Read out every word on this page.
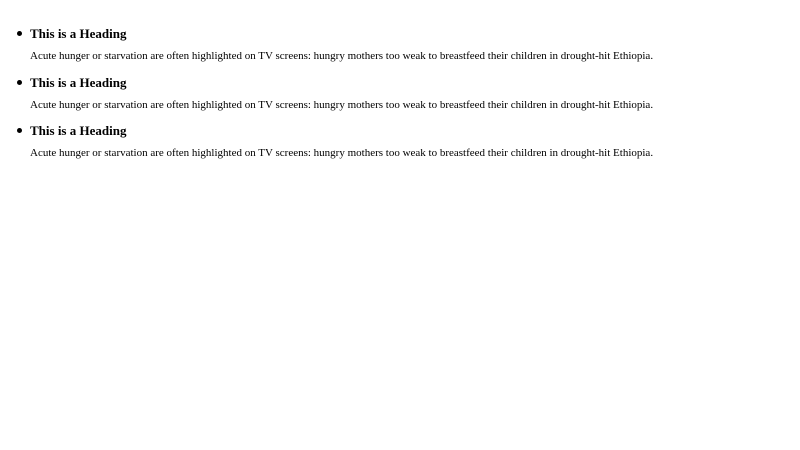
This is a Heading

Acute hunger or starvation are often highlighted on TV screens: hungry mothers too weak to breastfeed their children in drought-hit Ethiopia.

This is a Heading

Acute hunger or starvation are often highlighted on TV screens: hungry mothers too weak to breastfeed their children in drought-hit Ethiopia.

This is a Heading

Acute hunger or starvation are often highlighted on TV screens: hungry mothers too weak to breastfeed their children in drought-hit Ethiopia.
